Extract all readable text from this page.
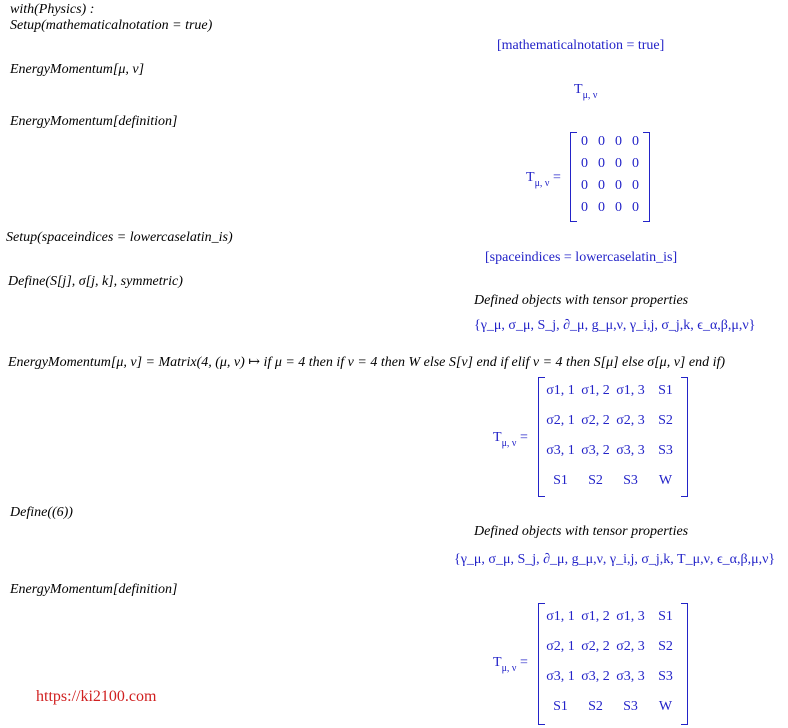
with(Physics) :
Setup(mathematicalnotation = true)
[mathematicalnotation = true]
EnergyMomentum[μ, ν]
$T_{\mu, \nu}$
EnergyMomentum[definition]
$T_{\mu, \nu}$ =
0 0 0 0
0 0 0 0
0 0 0 0
0 0 0 0
Setup(spaceindices = lowercaselatin_is)
[spaceindices = lowercaselatin_is]
Define(S[j], σ[j, k], symmetric)
Defined objects with tensor properties
{γ_μ, σ_μ, S_j, ∂_μ, g_μ,ν, γ_i,j, σ_j,k, ϵ_α,β,μ,ν}
EnergyMomentum[μ, ν] = Matrix(4, (μ, ν) ↦ if μ = 4 then if ν = 4 then W else S[ν] end if elif ν = 4 then S[μ] else σ[μ, ν] end if)
$T_{\mu, \nu}$ =
σ1, 1 σ1, 2 σ1, 3 S1
σ2, 1 σ2, 2 σ2, 3 S2
σ3, 1 σ3, 2 σ3, 3 S3
S1	S2	S3	W
Define((6))
Defined objects with tensor properties
{γ_μ, σ_μ, S_j, ∂_μ, g_μ,ν, γ_i,j, σ_j,k, T_μ,ν, ϵ_α,β,μ,ν}
EnergyMomentum[definition]
$T_{\mu, \nu}$ =
σ1, 1 σ1, 2 σ1, 3 S1
σ2, 1 σ2, 2 σ2, 3 S2
σ3, 1 σ3, 2 σ3, 3 S3
S1	S2	S3	W
https://ki2100.com
